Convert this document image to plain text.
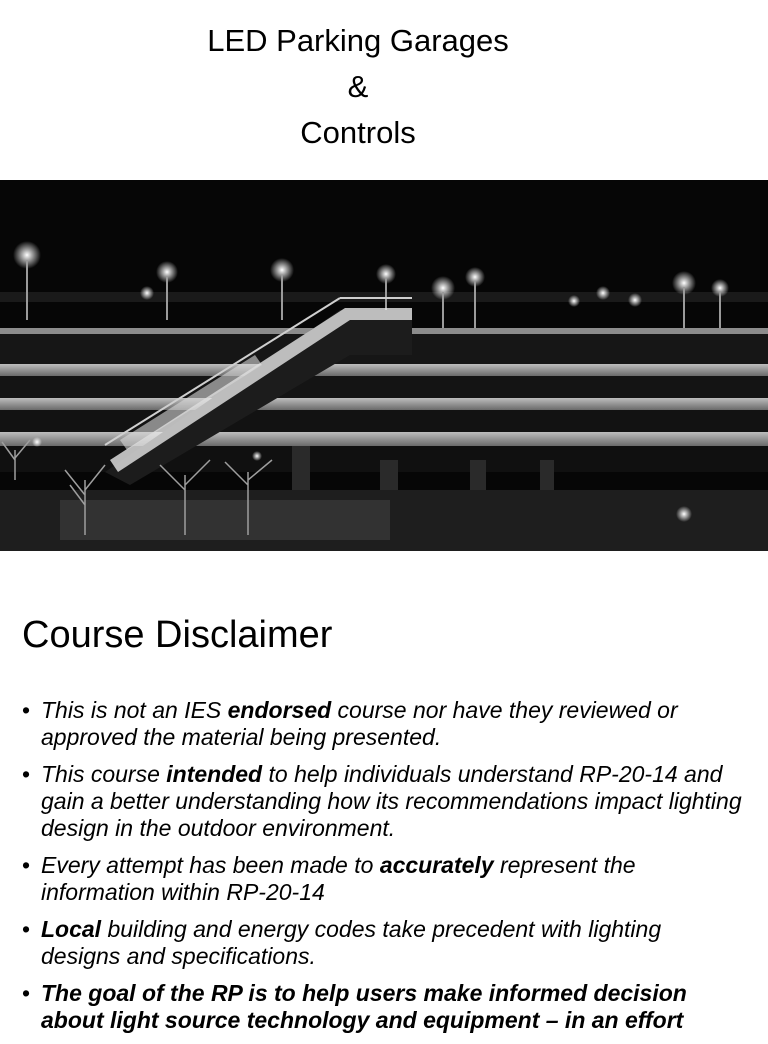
LED Parking Garages
&
Controls
Course Disclaimer
• This is not an IES endorsed course nor have they reviewed or approved the material being presented.
• This course intended to help individuals understand RP-20-14 and gain a better understanding how its recommendations impact lighting design in the outdoor environment.
• Every attempt has been made to accurately represent the information within RP-20-14
• Local building and energy codes take precedent with lighting designs and specifications.
• The goal of the RP is to help users make informed decision about light source technology and equipment – in an effort
